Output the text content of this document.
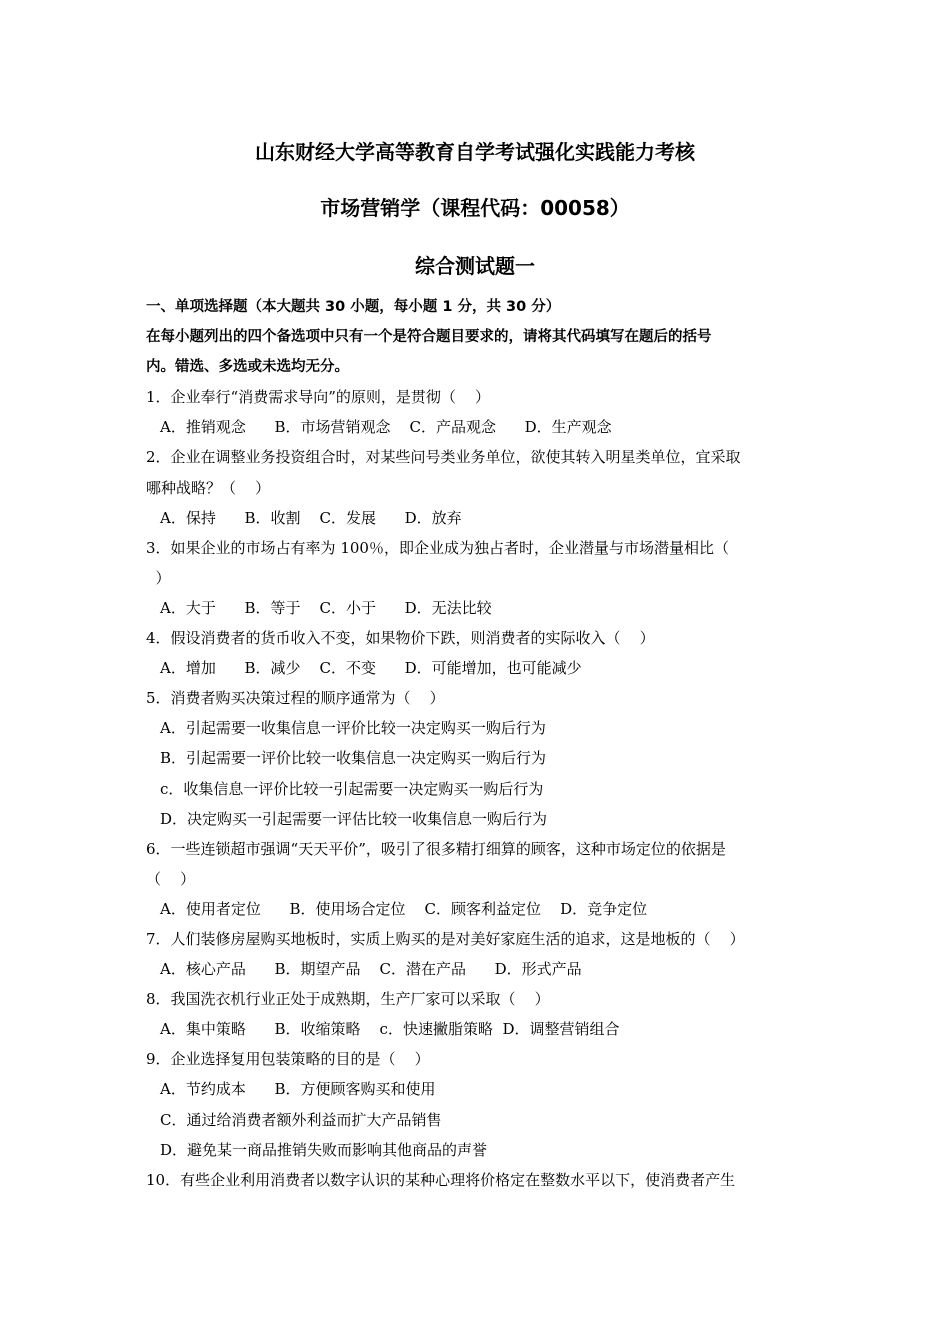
山东财经大学高等教育自学考试强化实践能力考核
市场营销学（课程代码：00058）
综合测试题一
一、单项选择题（本大题共 30 小题，每小题 1 分，共 30 分）
在每小题列出的四个备选项中只有一个是符合题目要求的，请将其代码填写在题后的括号
内。错选、多选或未选均无分。
1．企业奉行“消费需求导向”的原则，是贯彻（    ）
A．推销观念      B．市场营销观念    C．产品观念      D．生产观念
2．企业在调整业务投资组合时，对某些问号类业务单位，欲使其转入明星类单位，宜采取
哪种战略？（    ）
A．保持      B．收割    C．发展      D．放弃
3．如果企业的市场占有率为 100％，即企业成为独占者时，企业潜量与市场潜量相比（
）
A．大于      B．等于    C．小于      D．无法比较
4．假设消费者的货币收入不变，如果物价下跌，则消费者的实际收入（    ）
A．增加      B．减少    C．不变      D．可能增加，也可能减少
5．消费者购买决策过程的顺序通常为（    ）
A．引起需要一收集信息一评价比较一决定购买一购后行为
B．引起需要一评价比较一收集信息一决定购买一购后行为
c．收集信息一评价比较一引起需要一决定购买一购后行为
D．决定购买一引起需要一评估比较一收集信息一购后行为
6．一些连锁超市强调“天天平价”，吸引了很多精打细算的顾客，这种市场定位的依据是
（    ）
A．使用者定位      B．使用场合定位    C．顾客利益定位    D．竞争定位
7．人们装修房屋购买地板时，实质上购买的是对美好家庭生活的追求，这是地板的（    ）
A．核心产品      B．期望产品    C．潜在产品      D．形式产品
8．我国洗衣机行业正处于成熟期，生产厂家可以采取（    ）
A．集中策略      B．收缩策略    c．快速撇脂策略  D．调整营销组合
9．企业选择复用包装策略的目的是（    ）
A．节约成本      B．方便顾客购买和使用
C．通过给消费者额外利益而扩大产品销售
D．避免某一商品推销失败而影响其他商品的声誉
10．有些企业利用消费者以数字认识的某种心理将价格定在整数水平以下，使消费者产生
